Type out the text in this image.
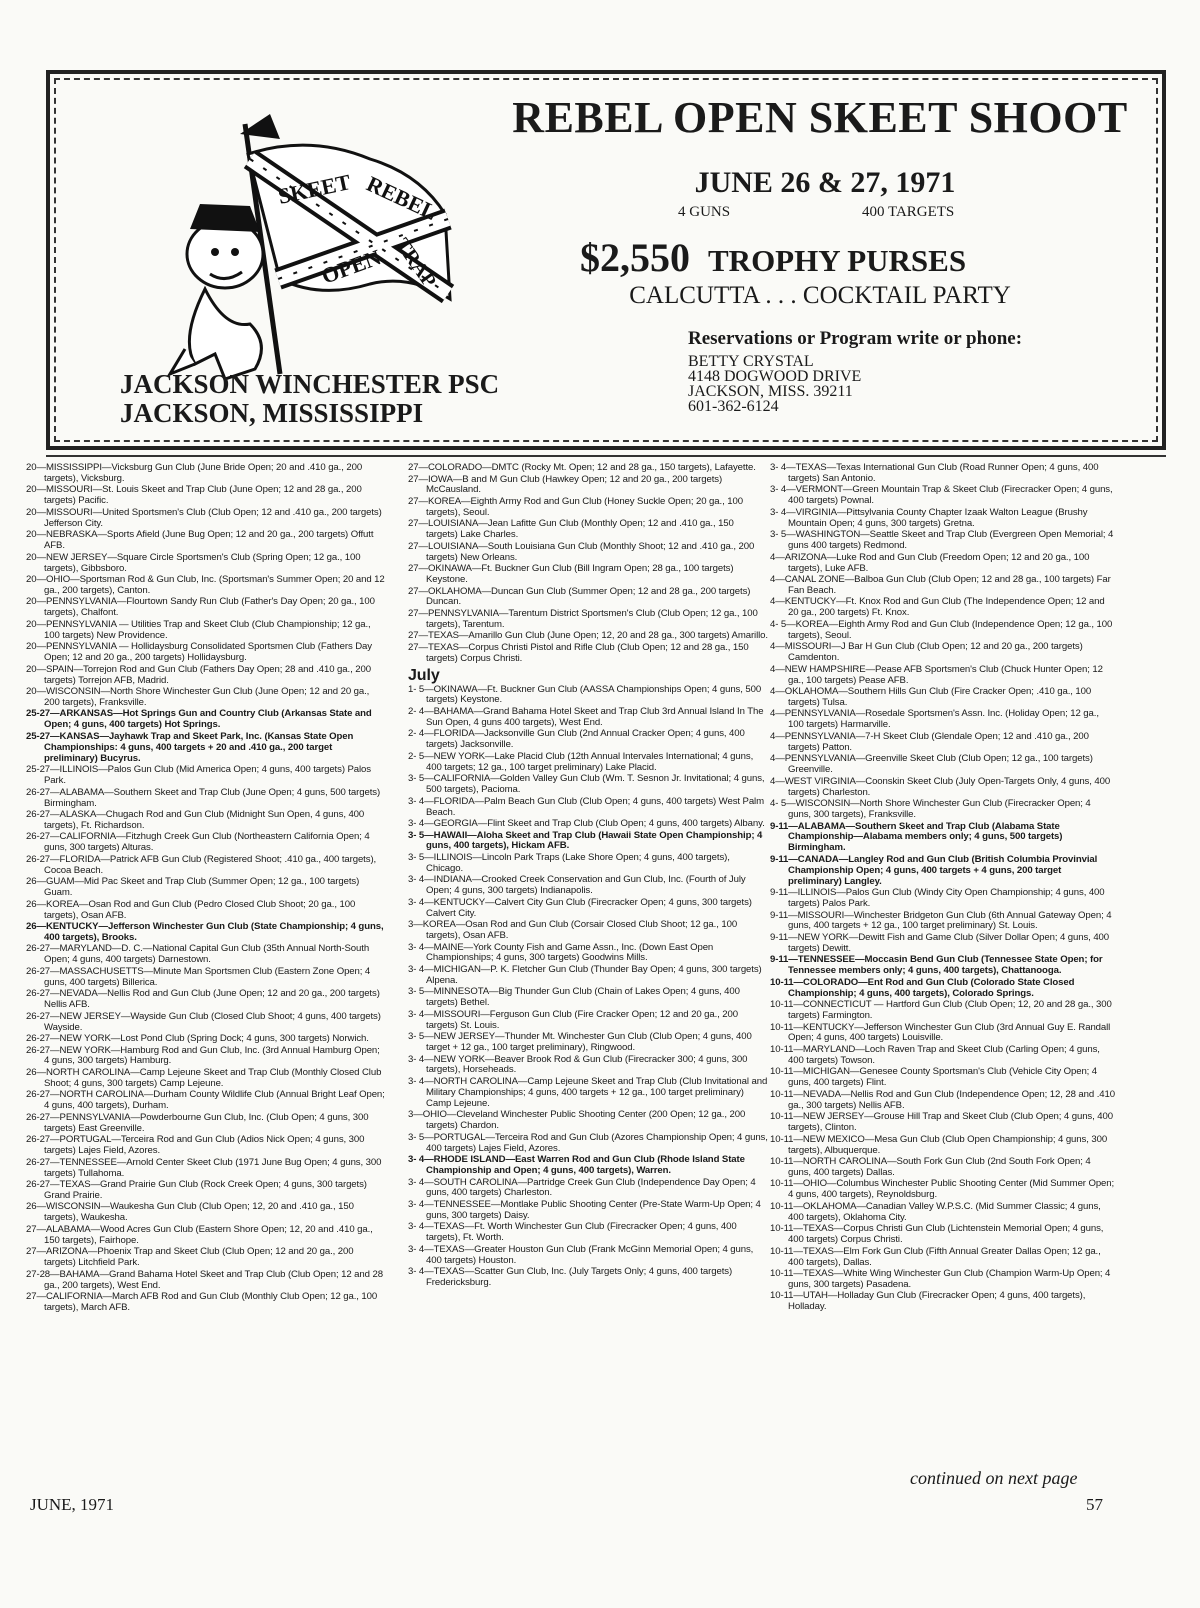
SKEET REBEL
OPEN TRAP
REBEL OPEN SKEET SHOOT
JUNE 26 & 27, 1971
4 GUNS	400 TARGETS
$2,550 TROPHY PURSES
CALCUTTA . . . COCKTAIL PARTY
Reservations or Program write or phone:
BETTY CRYSTAL
4148 DOGWOOD DRIVE
JACKSON, MISS. 39211
601-362-6124
JACKSON WINCHESTER PSC
JACKSON, MISSISSIPPI
20—MISSISSIPPI—Vicksburg Gun Club (June Bride Open; 20 and .410 ga., 200 targets), Vicksburg.
20—MISSOURI—St. Louis Skeet and Trap Club (June Open; 12 and 28 ga., 200 targets) Pacific.
20—MISSOURI—United Sportsmen's Club (Club Open; 12 and .410 ga., 200 targets) Jefferson City.
20—NEBRASKA—Sports Afield (June Bug Open; 12 and 20 ga., 200 targets) Offutt AFB.
20—NEW JERSEY—Square Circle Sportsmen's Club (Spring Open; 12 ga., 100 targets), Gibbsboro.
20—OHIO—Sportsman Rod & Gun Club, Inc. (Sportsman's Summer Open; 20 and 12 ga., 200 targets), Canton.
20—PENNSYLVANIA—Flourtown Sandy Run Club (Father's Day Open; 20 ga., 100 targets), Chalfont.
20—PENNSYLVANIA — Utilities Trap and Skeet Club (Club Championship; 12 ga., 100 targets) New Providence.
20—PENNSYLVANIA — Hollidaysburg Consolidated Sportsmen Club (Fathers Day Open; 12 and 20 ga., 200 targets) Hollidaysburg.
20—SPAIN—Torrejon Rod and Gun Club (Fathers Day Open; 28 and .410 ga., 200 targets) Torrejon AFB, Madrid.
20—WISCONSIN—North Shore Winchester Gun Club (June Open; 12 and 20 ga., 200 targets), Franksville.
25-27—ARKANSAS—Hot Springs Gun and Country Club (Arkansas State and Open; 4 guns, 400 targets) Hot Springs.
25-27—KANSAS—Jayhawk Trap and Skeet Park, Inc. (Kansas State Open Championships: 4 guns, 400 targets + 20 and .410 ga., 200 target preliminary) Bucyrus.
25-27—ILLINOIS—Palos Gun Club (Mid America Open; 4 guns, 400 targets) Palos Park.
26-27—ALABAMA—Southern Skeet and Trap Club (June Open; 4 guns, 500 targets) Birmingham.
26-27—ALASKA—Chugach Rod and Gun Club (Midnight Sun Open, 4 guns, 400 targets), Ft. Richardson.
26-27—CALIFORNIA—Fitzhugh Creek Gun Club (Northeastern California Open; 4 guns, 300 targets) Alturas.
26-27—FLORIDA—Patrick AFB Gun Club (Registered Shoot; .410 ga., 400 targets), Cocoa Beach.
26—GUAM—Mid Pac Skeet and Trap Club (Summer Open; 12 ga., 100 targets) Guam.
26—KOREA—Osan Rod and Gun Club (Pedro Closed Club Shoot; 20 ga., 100 targets), Osan AFB.
26—KENTUCKY—Jefferson Winchester Gun Club (State Championship; 4 guns, 400 targets), Brooks.
26-27—MARYLAND—D. C.—National Capital Gun Club (35th Annual North-South Open; 4 guns, 400 targets) Darnestown.
26-27—MASSACHUSETTS—Minute Man Sportsmen Club (Eastern Zone Open; 4 guns, 400 targets) Billerica.
26-27—NEVADA—Nellis Rod and Gun Club (June Open; 12 and 20 ga., 200 targets) Nellis AFB.
26-27—NEW JERSEY—Wayside Gun Club (Closed Club Shoot; 4 guns, 400 targets) Wayside.
26-27—NEW YORK—Lost Pond Club (Spring Dock; 4 guns, 300 targets) Norwich.
26-27—NEW YORK—Hamburg Rod and Gun Club, Inc. (3rd Annual Hamburg Open; 4 guns, 300 targets) Hamburg.
26—NORTH CAROLINA—Camp Lejeune Skeet and Trap Club (Monthly Closed Club Shoot; 4 guns, 300 targets) Camp Lejeune.
26-27—NORTH CAROLINA—Durham County Wildlife Club (Annual Bright Leaf Open; 4 guns, 400 targets), Durham.
26-27—PENNSYLVANIA—Powderbourne Gun Club, Inc. (Club Open; 4 guns, 300 targets) East Greenville.
26-27—PORTUGAL—Terceira Rod and Gun Club (Adios Nick Open; 4 guns, 300 targets) Lajes Field, Azores.
26-27—TENNESSEE—Arnold Center Skeet Club (1971 June Bug Open; 4 guns, 300 targets) Tullahoma.
26-27—TEXAS—Grand Prairie Gun Club (Rock Creek Open; 4 guns, 300 targets) Grand Prairie.
26—WISCONSIN—Waukesha Gun Club (Club Open; 12, 20 and .410 ga., 150 targets), Waukesha.
27—ALABAMA—Wood Acres Gun Club (Eastern Shore Open; 12, 20 and .410 ga., 150 targets), Fairhope.
27—ARIZONA—Phoenix Trap and Skeet Club (Club Open; 12 and 20 ga., 200 targets) Litchfield Park.
27-28—BAHAMA—Grand Bahama Hotel Skeet and Trap Club (Club Open; 12 and 28 ga., 200 targets), West End.
27—CALIFORNIA—March AFB Rod and Gun Club (Monthly Club Open; 12 ga., 100 targets), March AFB.
27—COLORADO—DMTC (Rocky Mt. Open; 12 and 28 ga., 150 targets), Lafayette.
27—IOWA—B and M Gun Club (Hawkey Open; 12 and 20 ga., 200 targets) McCausland.
27—KOREA—Eighth Army Rod and Gun Club (Honey Suckle Open; 20 ga., 100 targets), Seoul.
27—LOUISIANA—Jean Lafitte Gun Club (Monthly Open; 12 and .410 ga., 150 targets) Lake Charles.
27—LOUISIANA—South Louisiana Gun Club (Monthly Shoot; 12 and .410 ga., 200 targets) New Orleans.
27—OKINAWA—Ft. Buckner Gun Club (Bill Ingram Open; 28 ga., 100 targets) Keystone.
27—OKLAHOMA—Duncan Gun Club (Summer Open; 12 and 28 ga., 200 targets) Duncan.
27—PENNSYLVANIA—Tarentum District Sportsmen's Club (Club Open; 12 ga., 100 targets), Tarentum.
27—TEXAS—Amarillo Gun Club (June Open; 12, 20 and 28 ga., 300 targets) Amarillo.
27—TEXAS—Corpus Christi Pistol and Rifle Club (Club Open; 12 and 28 ga., 150 targets) Corpus Christi.
July
1- 5—OKINAWA—Ft. Buckner Gun Club (AASSA Championships Open; 4 guns, 500 targets) Keystone.
2- 4—BAHAMA—Grand Bahama Hotel Skeet and Trap Club 3rd Annual Island In The Sun Open, 4 guns 400 targets), West End.
2- 4—FLORIDA—Jacksonville Gun Club (2nd Annual Cracker Open; 4 guns, 400 targets) Jacksonville.
2- 5—NEW YORK—Lake Placid Club (12th Annual Intervales International; 4 guns, 400 targets; 12 ga., 100 target preliminary) Lake Placid.
3- 5—CALIFORNIA—Golden Valley Gun Club (Wm. T. Sesnon Jr. Invitational; 4 guns, 500 targets), Pacioma.
3- 4—FLORIDA—Palm Beach Gun Club (Club Open; 4 guns, 400 targets) West Palm Beach.
3- 4—GEORGIA—Flint Skeet and Trap Club (Club Open; 4 guns, 400 targets) Albany.
3- 5—HAWAII—Aloha Skeet and Trap Club (Hawaii State Open Championship; 4 guns, 400 targets), Hickam AFB.
3- 5—ILLINOIS—Lincoln Park Traps (Lake Shore Open; 4 guns, 400 targets), Chicago.
3- 4—INDIANA—Crooked Creek Conservation and Gun Club, Inc. (Fourth of July Open; 4 guns, 300 targets) Indianapolis.
3- 4—KENTUCKY—Calvert City Gun Club (Firecracker Open; 4 guns, 300 targets) Calvert City.
3—KOREA—Osan Rod and Gun Club (Corsair Closed Club Shoot; 12 ga., 100 targets), Osan AFB.
3- 4—MAINE—York County Fish and Game Assn., Inc. (Down East Open Championships; 4 guns, 300 targets) Goodwins Mills.
3- 4—MICHIGAN—P. K. Fletcher Gun Club (Thunder Bay Open; 4 guns, 300 targets) Alpena.
3- 5—MINNESOTA—Big Thunder Gun Club (Chain of Lakes Open; 4 guns, 400 targets) Bethel.
3- 4—MISSOURI—Ferguson Gun Club (Fire Cracker Open; 12 and 20 ga., 200 targets) St. Louis.
3- 5—NEW JERSEY—Thunder Mt. Winchester Gun Club (Club Open; 4 guns, 400 target + 12 ga., 100 target preliminary), Ringwood.
3- 4—NEW YORK—Beaver Brook Rod & Gun Club (Firecracker 300; 4 guns, 300 targets), Horseheads.
3- 4—NORTH CAROLINA—Camp Lejeune Skeet and Trap Club (Club Invitational and Military Championships; 4 guns, 400 targets + 12 ga., 100 target preliminary) Camp Lejeune.
3—OHIO—Cleveland Winchester Public Shooting Center (200 Open; 12 ga., 200 targets) Chardon.
3- 5—PORTUGAL—Terceira Rod and Gun Club (Azores Championship Open; 4 guns, 400 targets) Lajes Field, Azores.
3- 4—RHODE ISLAND—East Warren Rod and Gun Club (Rhode Island State Championship and Open; 4 guns, 400 targets), Warren.
3- 4—SOUTH CAROLINA—Partridge Creek Gun Club (Independence Day Open; 4 guns, 400 targets) Charleston.
3- 4—TENNESSEE—Montlake Public Shooting Center (Pre-State Warm-Up Open; 4 guns, 300 targets) Daisy.
3- 4—TEXAS—Ft. Worth Winchester Gun Club (Firecracker Open; 4 guns, 400 targets), Ft. Worth.
3- 4—TEXAS—Greater Houston Gun Club (Frank McGinn Memorial Open; 4 guns, 400 targets) Houston.
3- 4—TEXAS—Scatter Gun Club, Inc. (July Targets Only; 4 guns, 400 targets) Fredericksburg.
3- 4—TEXAS—Texas International Gun Club (Road Runner Open; 4 guns, 400 targets) San Antonio.
3- 4—VERMONT—Green Mountain Trap & Skeet Club (Firecracker Open; 4 guns, 400 targets) Pownal.
3- 4—VIRGINIA—Pittsylvania County Chapter Izaak Walton League (Brushy Mountain Open; 4 guns, 300 targets) Gretna.
3- 5—WASHINGTON—Seattle Skeet and Trap Club (Evergreen Open Memorial; 4 guns 400 targets) Redmond.
4—ARIZONA—Luke Rod and Gun Club (Freedom Open; 12 and 20 ga., 100 targets), Luke AFB.
4—CANAL ZONE—Balboa Gun Club (Club Open; 12 and 28 ga., 100 targets) Far Fan Beach.
4—KENTUCKY—Ft. Knox Rod and Gun Club (The Independence Open; 12 and 20 ga., 200 targets) Ft. Knox.
4- 5—KOREA—Eighth Army Rod and Gun Club (Independence Open; 12 ga., 100 targets), Seoul.
4—MISSOURI—J Bar H Gun Club (Club Open; 12 and 20 ga., 200 targets) Camdenton.
4—NEW HAMPSHIRE—Pease AFB Sportsmen's Club (Chuck Hunter Open; 12 ga., 100 targets) Pease AFB.
4—OKLAHOMA—Southern Hills Gun Club (Fire Cracker Open; .410 ga., 100 targets) Tulsa.
4—PENNSYLVANIA—Rosedale Sportsmen's Assn. Inc. (Holiday Open; 12 ga., 100 targets) Harmarville.
4—PENNSYLVANIA—7-H Skeet Club (Glendale Open; 12 and .410 ga., 200 targets) Patton.
4—PENNSYLVANIA—Greenville Skeet Club (Club Open; 12 ga., 100 targets) Greenville.
4—WEST VIRGINIA—Coonskin Skeet Club (July Open-Targets Only, 4 guns, 400 targets) Charleston.
4- 5—WISCONSIN—North Shore Winchester Gun Club (Firecracker Open; 4 guns, 300 targets), Franksville.
9-11—ALABAMA—Southern Skeet and Trap Club (Alabama State Championship—Alabama members only; 4 guns, 500 targets) Birmingham.
9-11—CANADA—Langley Rod and Gun Club (British Columbia Provinvial Championship Open; 4 guns, 400 targets + 4 guns, 200 target preliminary) Langley.
9-11—ILLINOIS—Palos Gun Club (Windy City Open Championship; 4 guns, 400 targets) Palos Park.
9-11—MISSOURI—Winchester Bridgeton Gun Club (6th Annual Gateway Open; 4 guns, 400 targets + 12 ga., 100 target preliminary) St. Louis.
9-11—NEW YORK—Dewitt Fish and Game Club (Silver Dollar Open; 4 guns, 400 targets) Dewitt.
9-11—TENNESSEE—Moccasin Bend Gun Club (Tennessee State Open; for Tennessee members only; 4 guns, 400 targets), Chattanooga.
10-11—COLORADO—Ent Rod and Gun Club (Colorado State Closed Championship; 4 guns, 400 targets), Colorado Springs.
10-11—CONNECTICUT — Hartford Gun Club (Club Open; 12, 20 and 28 ga., 300 targets) Farmington.
10-11—KENTUCKY—Jefferson Winchester Gun Club (3rd Annual Guy E. Randall Open; 4 guns, 400 targets) Louisville.
10-11—MARYLAND—Loch Raven Trap and Skeet Club (Carling Open; 4 guns, 400 targets) Towson.
10-11—MICHIGAN—Genesee County Sportsman's Club (Vehicle City Open; 4 guns, 400 targets) Flint.
10-11—NEVADA—Nellis Rod and Gun Club (Independence Open; 12, 28 and .410 ga., 300 targets) Nellis AFB.
10-11—NEW JERSEY—Grouse Hill Trap and Skeet Club (Club Open; 4 guns, 400 targets), Clinton.
10-11—NEW MEXICO—Mesa Gun Club (Club Open Championship; 4 guns, 300 targets), Albuquerque.
10-11—NORTH CAROLINA—South Fork Gun Club (2nd South Fork Open; 4 guns, 400 targets) Dallas.
10-11—OHIO—Columbus Winchester Public Shooting Center (Mid Summer Open; 4 guns, 400 targets), Reynoldsburg.
10-11—OKLAHOMA—Canadian Valley W.P.S.C. (Mid Summer Classic; 4 guns, 400 targets), Oklahoma City.
10-11—TEXAS—Corpus Christi Gun Club (Lichtenstein Memorial Open; 4 guns, 400 targets) Corpus Christi.
10-11—TEXAS—Elm Fork Gun Club (Fifth Annual Greater Dallas Open; 12 ga., 400 targets), Dallas.
10-11—TEXAS—White Wing Winchester Gun Club (Champion Warm-Up Open; 4 guns, 300 targets) Pasadena.
10-11—UTAH—Holladay Gun Club (Firecracker Open; 4 guns, 400 targets), Holladay.
continued on next page
JUNE, 1971	57
